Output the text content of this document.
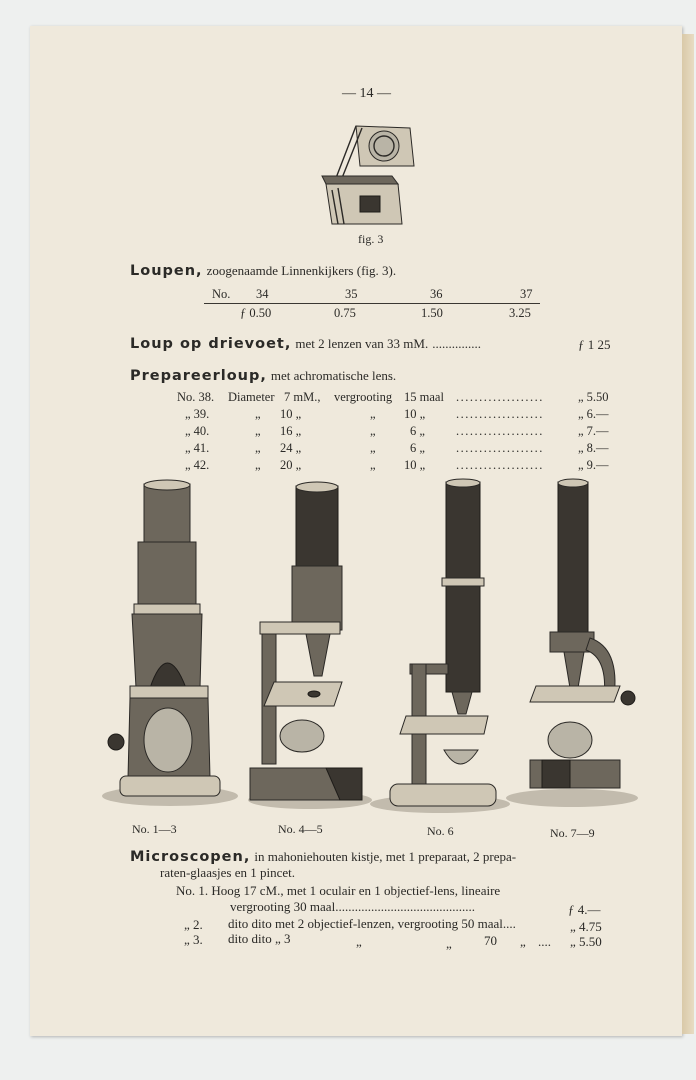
— 14 —
fig. 3
Loupen, zoogenaamde Linnenkijkers (fig. 3).
No. 34	35	36	37
ƒ 0.50	0.75	1.50	3.25
Loup op drievoet, met 2 lenzen van 33 mM. ...............	ƒ 1 25
Prepareerloup, met achromatische lens.
No. 38. Diameter 7 mM., vergrooting 15 maal ...................	„ 5.50
„ 39.	„ 10 „	„ 10 „ ...................	„ 6.—
„ 40.	„ 16 „	„	6 „ ...................	„ 7.—
„ 41.	„ 24 „	„	6 „ ...................	„ 8.—
„ 42.	„ 20 „	„ 10 „ ...................	„ 9.—
No. 1—3	No. 4—5	No. 6	No. 7—9
Microscopen, in mahoniehouten kistje, met 1 preparaat, 2 prepa-
raten-glaasjes en 1 pincet.
No. 1. Hoog 17 cM., met 1 oculair en 1 objectief-lens, lineaire
vergrooting 30 maal...........................................	ƒ 4.—
„ 2. dito dito met 2 objectief-lenzen, vergrooting 50 maal....	„ 4.75
„ 3. dito dito „ 3	„	„ 70 „ .... „ 5.50
